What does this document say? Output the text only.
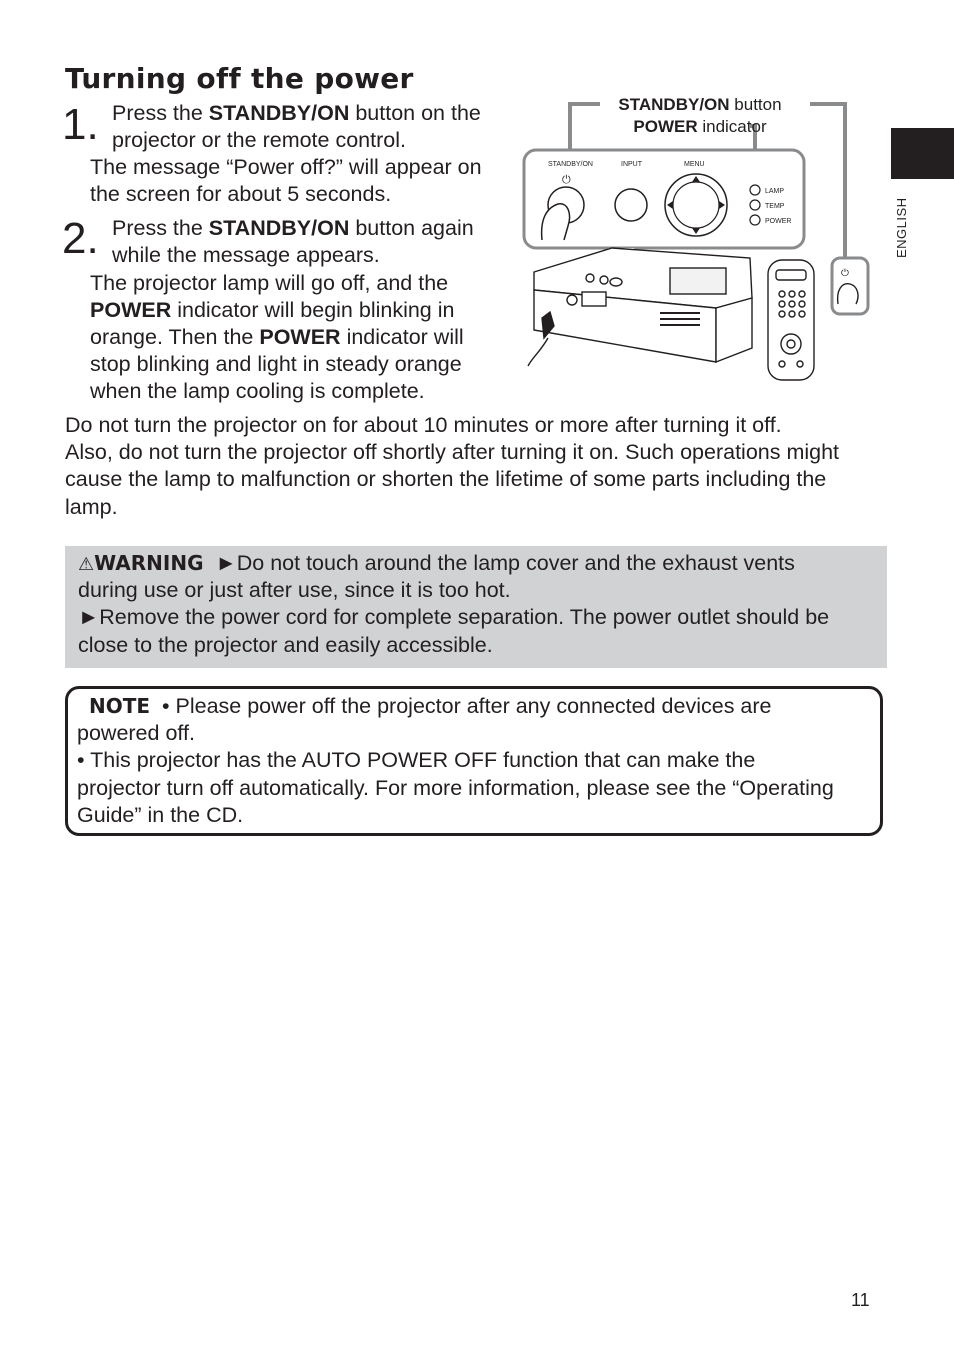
Turning off the power
ENGLISH
1. Press the STANDBY/ON button on the
projector or the remote control.
The message “Power off?” will appear on
the screen for about 5 seconds.
2. Press the STANDBY/ON button again
while the message appears.
The projector lamp will go off, and the
POWER indicator will begin blinking in
orange. Then the POWER indicator will
stop blinking and light in steady orange
when the lamp cooling is complete.
STANDBY/ON button
POWER indicator
STANDBY/ON	INPUT	MENU
⏻
LAMP
TEMP
POWER
⏻
Do not turn the projector on for about 10 minutes or more after turning it off.
Also, do not turn the projector off shortly after turning it on. Such operations might
cause the lamp to malfunction or shorten the lifetime of some parts including the
lamp.
⚠WARNING ►Do not touch around the lamp cover and the exhaust vents
during use or just after use, since it is too hot.
►Remove the power cord for complete separation. The power outlet should be
close to the projector and easily accessible.
NOTE • Please power off the projector after any connected devices are
powered off.
• This projector has the AUTO POWER OFF function that can make the
projector turn off automatically. For more information, please see the “Operating
Guide” in the CD.
11
